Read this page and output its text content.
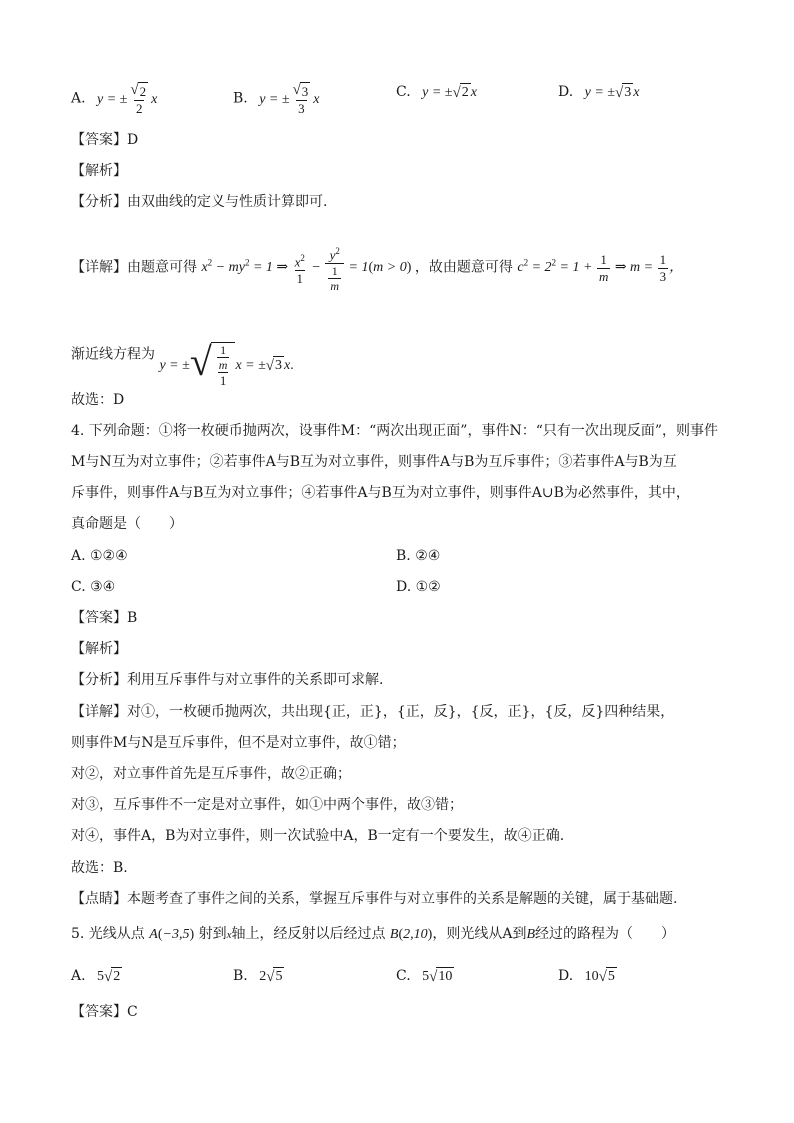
A.   y = ± $\frac{√ 2}{2}$ x	B.   y = ± $\frac{√ 3}{3}$ x	C.   y = ± √ 2 x	D.   y = ± √ 3 x
【答案】D
【解析】
【分析】由双曲线的定义与性质计算即可.
【详解】由题意可得 $x^2 - my^2 = 1$ ⇒ $\frac{x^2}{1} - \frac{y^2}{\frac{1}{m}} = 1(m > 0)$ ，故由题意可得 $c^2 = 2^2 = 1 + \frac{1}{m}$ ⇒ $m = \frac{1}{3}$ ，
渐近线方程为 y = ± √ $\frac{\frac{1}{m}}{1}$ x = ± √ 3 x.
故选：D
4. 下列命题：①将一枚硬币抛两次，设事件M：“两次出现正面”，事件N：“只有一次出现反面”，则事件
M与N互为对立事件；②若事件A与B互为对立事件，则事件A与B为互斥事件；③若事件A与B为互
斥事件，则事件A与B互为对立事件；④若事件A与B互为对立事件，则事件A∪B为必然事件，其中，
真命题是（　　）
A. ①②④	B. ②④
C. ③④	D. ①②
【答案】B
【解析】
【分析】利用互斥事件与对立事件的关系即可求解.
【详解】对①，一枚硬币抛两次，共出现{正，正}，{正，反}，{反，正}，{反，反}四种结果，
则事件M与N是互斥事件，但不是对立事件，故①错；
对②，对立事件首先是互斥事件，故②正确；
对③，互斥事件不一定是对立事件，如①中两个事件，故③错；
对④，事件A，B为对立事件，则一次试验中A，B一定有一个要发生，故④正确.
故选：B.
【点睛】本题考查了事件之间的关系，掌握互斥事件与对立事件的关系是解题的关键，属于基础题.
5. 光线从点 A(−3,5) 射到x轴上，经反射以后经过点 B(2,10)，则光线从A到B经过的路程为（　　）
A.   5 √ 2	B.   2 √ 5	C.   5 √ 10	D.   10 √ 5
【答案】C
